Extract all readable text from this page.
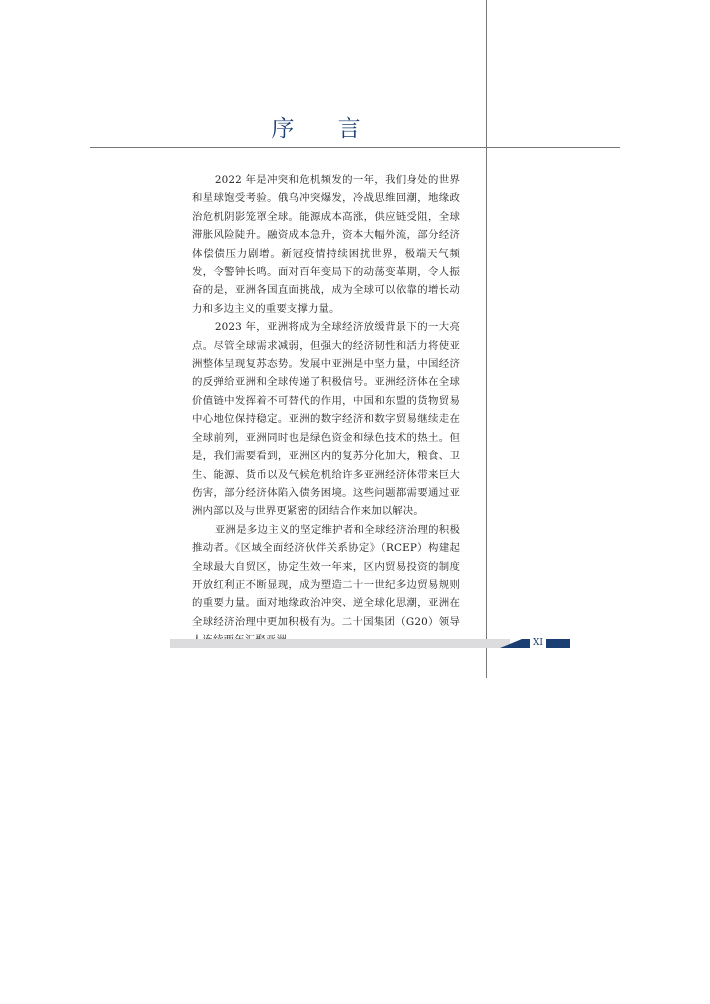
序 言

2022 年是冲突和危机频发的一年，我们身处的世界和星球饱受考验。俄乌冲突爆发，冷战思维回潮，地缘政治危机阴影笼罩全球。能源成本高涨，供应链受阻，全球滞胀风险陡升。融资成本急升，资本大幅外流，部分经济体偿债压力剧增。新冠疫情持续困扰世界，极端天气频发，令警钟长鸣。面对百年变局下的动荡变革期，令人振奋的是，亚洲各国直面挑战，成为全球可以依靠的增长动力和多边主义的重要支撑力量。

2023 年，亚洲将成为全球经济放缓背景下的一大亮点。尽管全球需求减弱，但强大的经济韧性和活力将使亚洲整体呈现复苏态势。发展中亚洲是中坚力量，中国经济的反弹给亚洲和全球传递了积极信号。亚洲经济体在全球价值链中发挥着不可替代的作用，中国和东盟的货物贸易中心地位保持稳定。亚洲的数字经济和数字贸易继续走在全球前列，亚洲同时也是绿色资金和绿色技术的热土。但是，我们需要看到，亚洲区内的复苏分化加大，粮食、卫生、能源、货币以及气候危机给许多亚洲经济体带来巨大伤害，部分经济体陷入债务困境。这些问题都需要通过亚洲内部以及与世界更紧密的团结合作来加以解决。

亚洲是多边主义的坚定维护者和全球经济治理的积极推动者。《区域全面经济伙伴关系协定》（RCEP）构建起全球最大自贸区，协定生效一年来，区内贸易投资的制度开放红利正不断显现，成为塑造二十一世纪多边贸易规则的重要力量。面对地缘政治冲突、逆全球化思潮，亚洲在全球经济治理中更加积极有为。二十国集团（G20）领导

XI
